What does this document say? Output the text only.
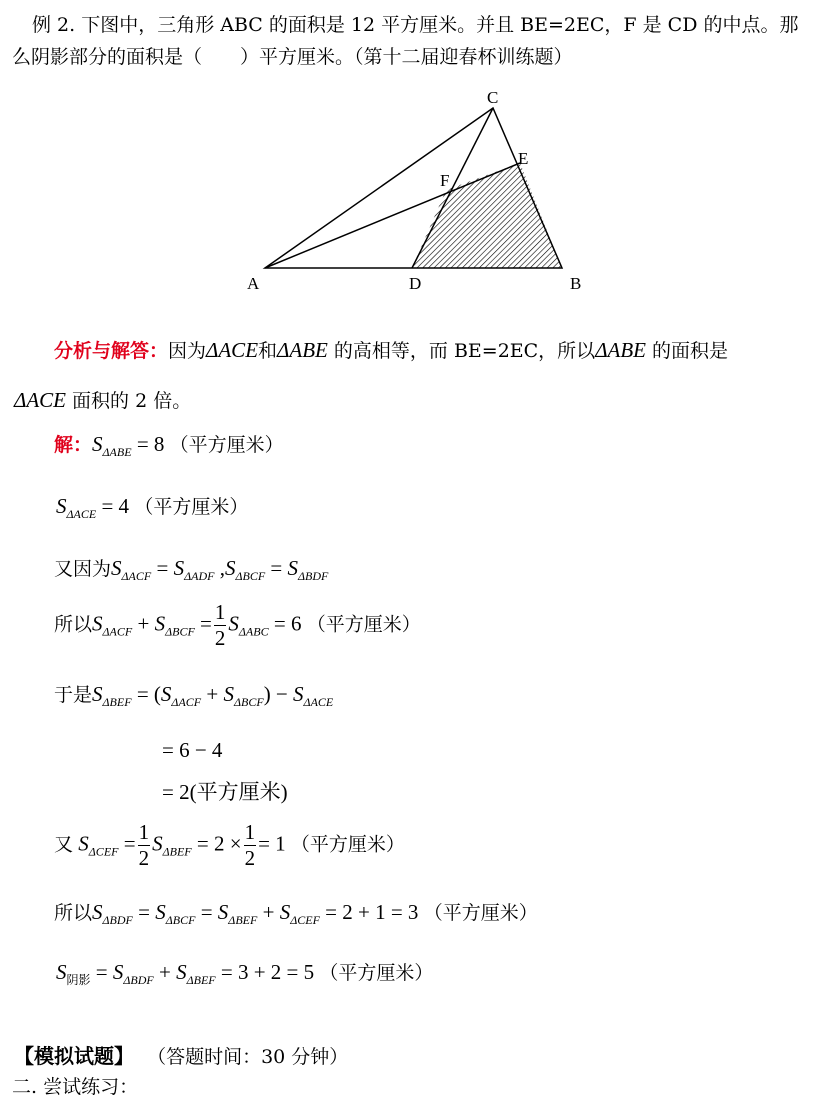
例 2. 下图中，三角形 ABC 的面积是 12 平方厘米。并且 BE=2EC，F 是 CD 的中点。那
么阴影部分的面积是（　　）平方厘米。（第十二届迎春杯训练题）
C
E
F
A	D	B
分析与解答：因为ΔACE和ΔABE 的高相等，而 BE=2EC，所以ΔABE 的面积是
ΔACE 面积的 2 倍。
解：$S_{\Delta ABE} = 8$ （平方厘米）
$S_{\Delta ACE} = 4$ （平方厘米）
又因为$S_{\Delta ACF} = S_{\Delta ADF}$ $,S_{\Delta BCF} = S_{\Delta BDF}$
所以$S_{\Delta ACF} + S_{\Delta BCF} = \frac{1}{2} S_{\Delta ABC} = 6$ （平方厘米）
于是$S_{\Delta BEF} = (S_{\Delta ACF} + S_{\Delta BCF}) - S_{\Delta ACE}$
= 6 − 4
= 2(平方厘米)
又 $S_{\Delta CEF} = \frac{1}{2} S_{\Delta BEF} = 2 \times \frac{1}{2} = 1$ （平方厘米）
所以$S_{\Delta BDF} = S_{\Delta BCF} = S_{\Delta BEF} + S_{\Delta CEF} = 2 + 1 = 3$ （平方厘米）
$S_{阴影} = S_{\Delta BDF} + S_{\Delta BEF} = 3 + 2 = 5$ （平方厘米）
【模拟试题】 （答题时间：30 分钟）
二. 尝试练习：
